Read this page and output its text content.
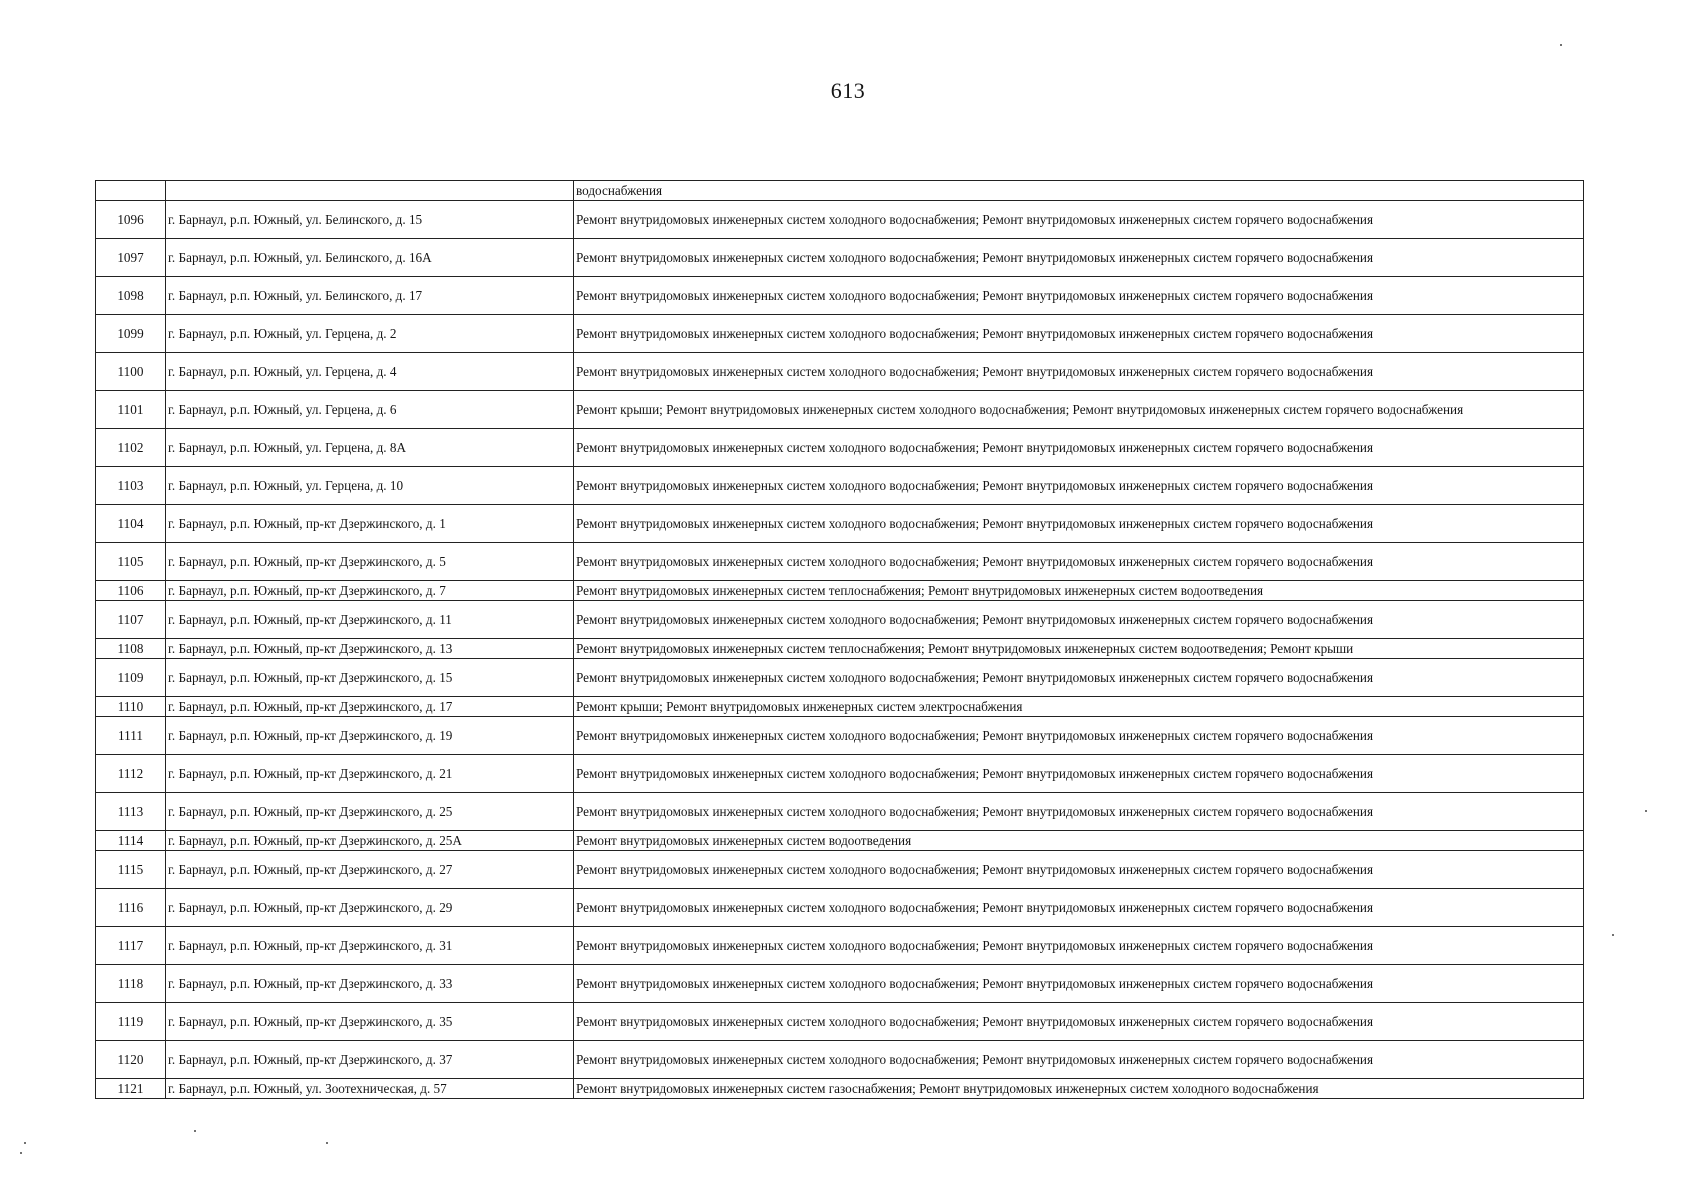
613
		водоснабжения
1096	г. Барнаул, р.п. Южный, ул. Белинского, д. 15	Ремонт внутридомовых инженерных систем холодного водоснабжения; Ремонт внутридомовых инженерных систем горячего водоснабжения
1097	г. Барнаул, р.п. Южный, ул. Белинского, д. 16А	Ремонт внутридомовых инженерных систем холодного водоснабжения; Ремонт внутридомовых инженерных систем горячего водоснабжения
1098	г. Барнаул, р.п. Южный, ул. Белинского, д. 17	Ремонт внутридомовых инженерных систем холодного водоснабжения; Ремонт внутридомовых инженерных систем горячего водоснабжения
1099	г. Барнаул, р.п. Южный, ул. Герцена, д. 2	Ремонт внутридомовых инженерных систем холодного водоснабжения; Ремонт внутридомовых инженерных систем горячего водоснабжения
1100	г. Барнаул, р.п. Южный, ул. Герцена, д. 4	Ремонт внутридомовых инженерных систем холодного водоснабжения; Ремонт внутридомовых инженерных систем горячего водоснабжения
1101	г. Барнаул, р.п. Южный, ул. Герцена, д. 6	Ремонт крыши; Ремонт внутридомовых инженерных систем холодного водоснабжения; Ремонт внутридомовых инженерных систем горячего водоснабжения
1102	г. Барнаул, р.п. Южный, ул. Герцена, д. 8А	Ремонт внутридомовых инженерных систем холодного водоснабжения; Ремонт внутридомовых инженерных систем горячего водоснабжения
1103	г. Барнаул, р.п. Южный, ул. Герцена, д. 10	Ремонт внутридомовых инженерных систем холодного водоснабжения; Ремонт внутридомовых инженерных систем горячего водоснабжения
1104	г. Барнаул, р.п. Южный, пр-кт Дзержинского, д. 1	Ремонт внутридомовых инженерных систем холодного водоснабжения; Ремонт внутридомовых инженерных систем горячего водоснабжения
1105	г. Барнаул, р.п. Южный, пр-кт Дзержинского, д. 5	Ремонт внутридомовых инженерных систем холодного водоснабжения; Ремонт внутридомовых инженерных систем горячего водоснабжения
1106	г. Барнаул, р.п. Южный, пр-кт Дзержинского, д. 7	Ремонт внутридомовых инженерных систем теплоснабжения; Ремонт внутридомовых инженерных систем водоотведения
1107	г. Барнаул, р.п. Южный, пр-кт Дзержинского, д. 11	Ремонт внутридомовых инженерных систем холодного водоснабжения; Ремонт внутридомовых инженерных систем горячего водоснабжения
1108	г. Барнаул, р.п. Южный, пр-кт Дзержинского, д. 13	Ремонт внутридомовых инженерных систем теплоснабжения; Ремонт внутридомовых инженерных систем водоотведения; Ремонт крыши
1109	г. Барнаул, р.п. Южный, пр-кт Дзержинского, д. 15	Ремонт внутридомовых инженерных систем холодного водоснабжения; Ремонт внутридомовых инженерных систем горячего водоснабжения
1110	г. Барнаул, р.п. Южный, пр-кт Дзержинского, д. 17	Ремонт крыши; Ремонт внутридомовых инженерных систем электроснабжения
1111	г. Барнаул, р.п. Южный, пр-кт Дзержинского, д. 19	Ремонт внутридомовых инженерных систем холодного водоснабжения; Ремонт внутридомовых инженерных систем горячего водоснабжения
1112	г. Барнаул, р.п. Южный, пр-кт Дзержинского, д. 21	Ремонт внутридомовых инженерных систем холодного водоснабжения; Ремонт внутридомовых инженерных систем горячего водоснабжения
1113	г. Барнаул, р.п. Южный, пр-кт Дзержинского, д. 25	Ремонт внутридомовых инженерных систем холодного водоснабжения; Ремонт внутридомовых инженерных систем горячего водоснабжения
1114	г. Барнаул, р.п. Южный, пр-кт Дзержинского, д. 25А	Ремонт внутридомовых инженерных систем водоотведения
1115	г. Барнаул, р.п. Южный, пр-кт Дзержинского, д. 27	Ремонт внутридомовых инженерных систем холодного водоснабжения; Ремонт внутридомовых инженерных систем горячего водоснабжения
1116	г. Барнаул, р.п. Южный, пр-кт Дзержинского, д. 29	Ремонт внутридомовых инженерных систем холодного водоснабжения; Ремонт внутридомовых инженерных систем горячего водоснабжения
1117	г. Барнаул, р.п. Южный, пр-кт Дзержинского, д. 31	Ремонт внутридомовых инженерных систем холодного водоснабжения; Ремонт внутридомовых инженерных систем горячего водоснабжения
1118	г. Барнаул, р.п. Южный, пр-кт Дзержинского, д. 33	Ремонт внутридомовых инженерных систем холодного водоснабжения; Ремонт внутридомовых инженерных систем горячего водоснабжения
1119	г. Барнаул, р.п. Южный, пр-кт Дзержинского, д. 35	Ремонт внутридомовых инженерных систем холодного водоснабжения; Ремонт внутридомовых инженерных систем горячего водоснабжения
1120	г. Барнаул, р.п. Южный, пр-кт Дзержинского, д. 37	Ремонт внутридомовых инженерных систем холодного водоснабжения; Ремонт внутридомовых инженерных систем горячего водоснабжения
1121	г. Барнаул, р.п. Южный, ул. Зоотехническая, д. 57	Ремонт внутридомовых инженерных систем газоснабжения; Ремонт внутридомовых инженерных систем холодного водоснабжения
